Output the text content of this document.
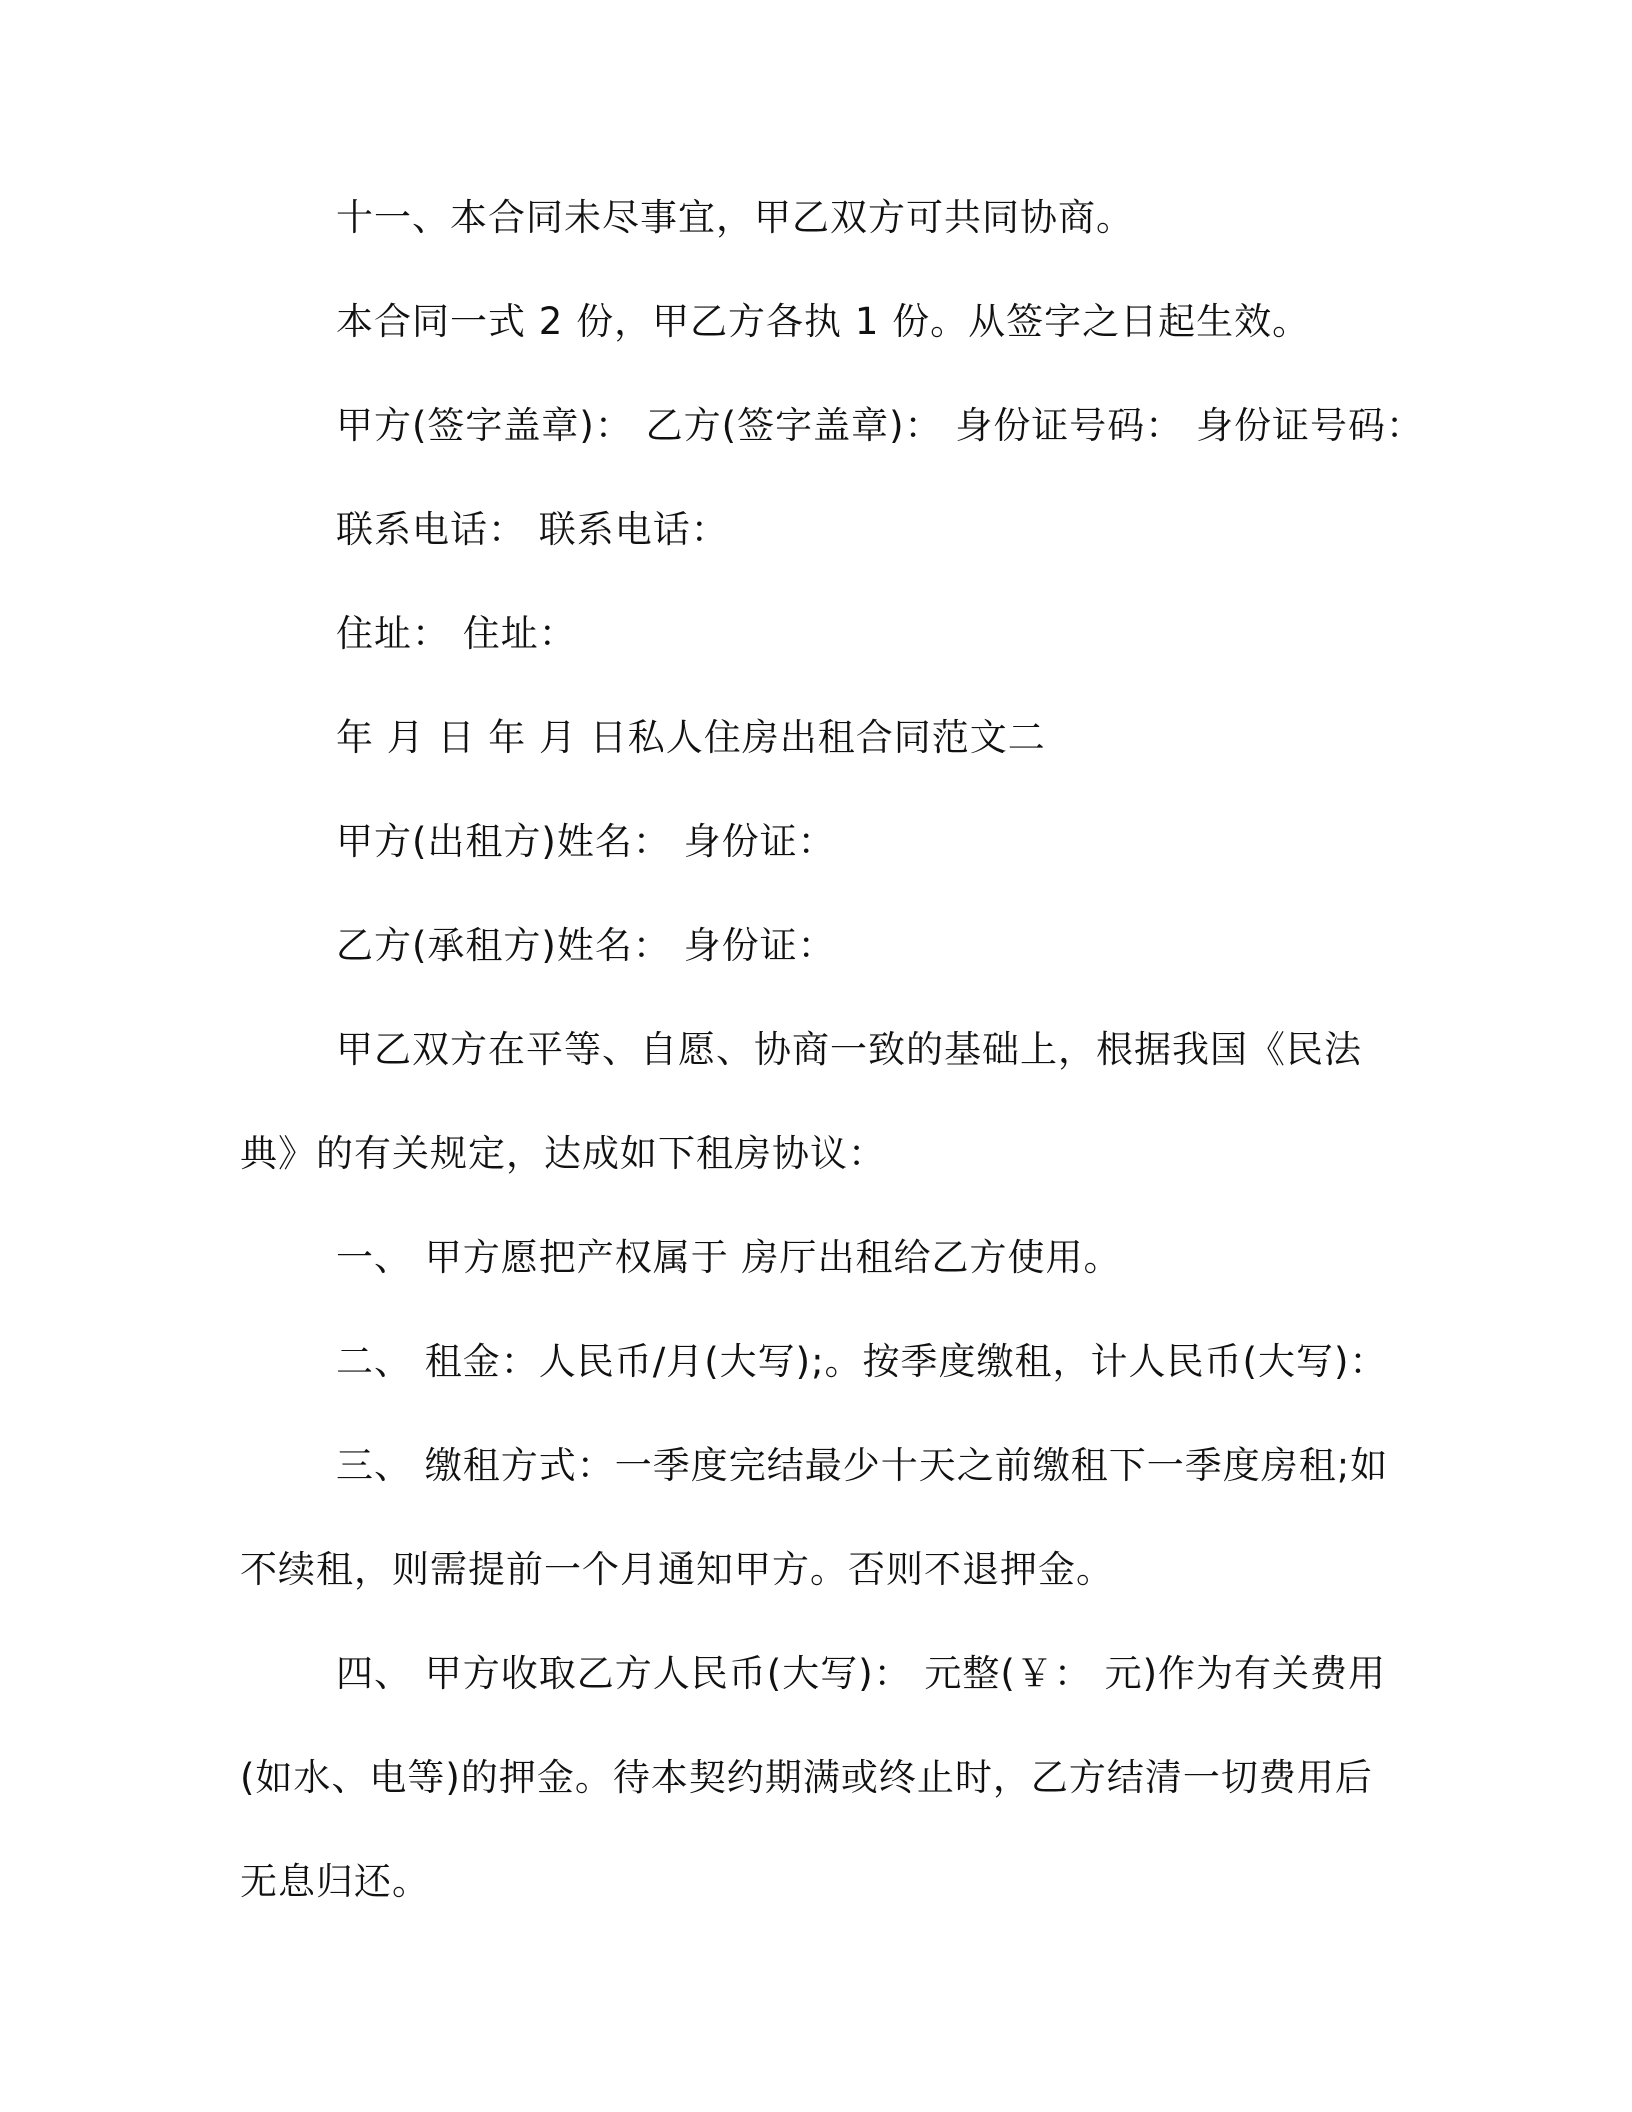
十一、本合同未尽事宜，甲乙双方可共同协商。

本合同一式 2 份，甲乙方各执 1 份。从签字之日起生效。

甲方(签字盖章)： 乙方(签字盖章)： 身份证号码： 身份证号码：

联系电话： 联系电话：

住址： 住址：

年 月 日 年 月 日私人住房出租合同范文二

甲方(出租方)姓名： 身份证：

乙方(承租方)姓名： 身份证：

甲乙双方在平等、自愿、协商一致的基础上，根据我国《民法典》的有关规定，达成如下租房协议：

一、 甲方愿把产权属于 房厅出租给乙方使用。

二、 租金：人民币/月(大写);。按季度缴租，计人民币(大写)：

三、 缴租方式：一季度完结最少十天之前缴租下一季度房租;如不续租，则需提前一个月通知甲方。否则不退押金。

四、 甲方收取乙方人民币(大写)： 元整(￥： 元)作为有关费用(如水、电等)的押金。待本契约期满或终止时，乙方结清一切费用后无息归还。
